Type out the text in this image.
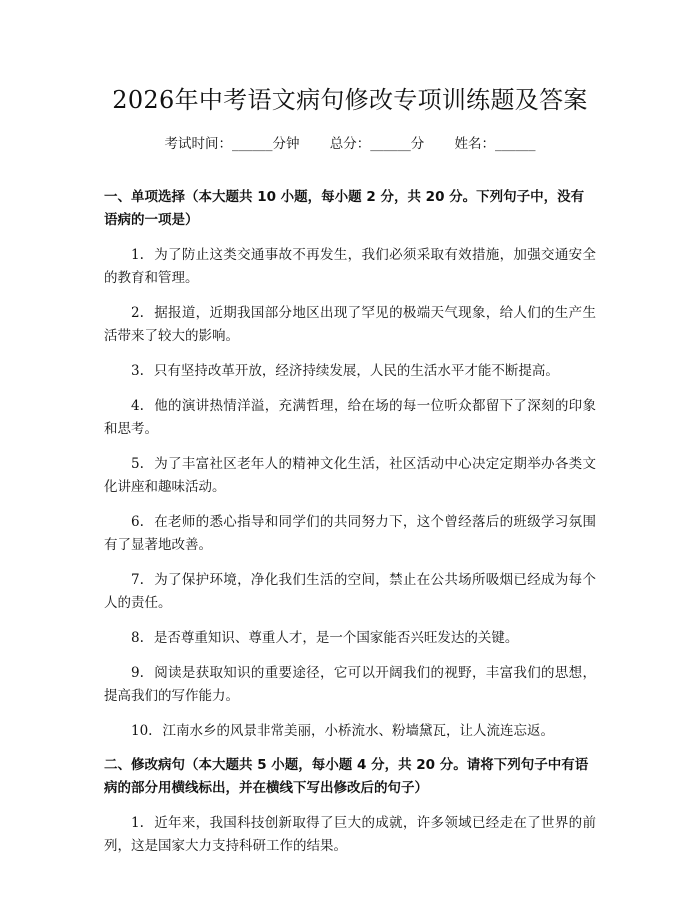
2026年中考语文病句修改专项训练题及答案
考试时间：______分钟 总分：______分 姓名：______
一、单项选择（本大题共 10 小题，每小题 2 分，共 20 分。下列句子中，没有语病的一项是）

1. 为了防止这类交通事故不再发生，我们必须采取有效措施，加强交通安全的教育和管理。

2. 据报道，近期我国部分地区出现了罕见的极端天气现象，给人们的生产生活带来了较大的影响。

3. 只有坚持改革开放，经济持续发展，人民的生活水平才能不断提高。

4. 他的演讲热情洋溢，充满哲理，给在场的每一位听众都留下了深刻的印象和思考。

5. 为了丰富社区老年人的精神文化生活，社区活动中心决定定期举办各类文化讲座和趣味活动。

6. 在老师的悉心指导和同学们的共同努力下，这个曾经落后的班级学习氛围有了显著地改善。

7. 为了保护环境，净化我们生活的空间，禁止在公共场所吸烟已经成为每个人的责任。

8. 是否尊重知识、尊重人才，是一个国家能否兴旺发达的关键。

9. 阅读是获取知识的重要途径，它可以开阔我们的视野，丰富我们的思想，提高我们的写作能力。

10. 江南水乡的风景非常美丽，小桥流水、粉墙黛瓦，让人流连忘返。

二、修改病句（本大题共 5 小题，每小题 4 分，共 20 分。请将下列句子中有语病的部分用横线标出，并在横线下写出修改后的句子）

1. 近年来，我国科技创新取得了巨大的成就，许多领域已经走在了世界的前列，这是国家大力支持科研工作的结果。
